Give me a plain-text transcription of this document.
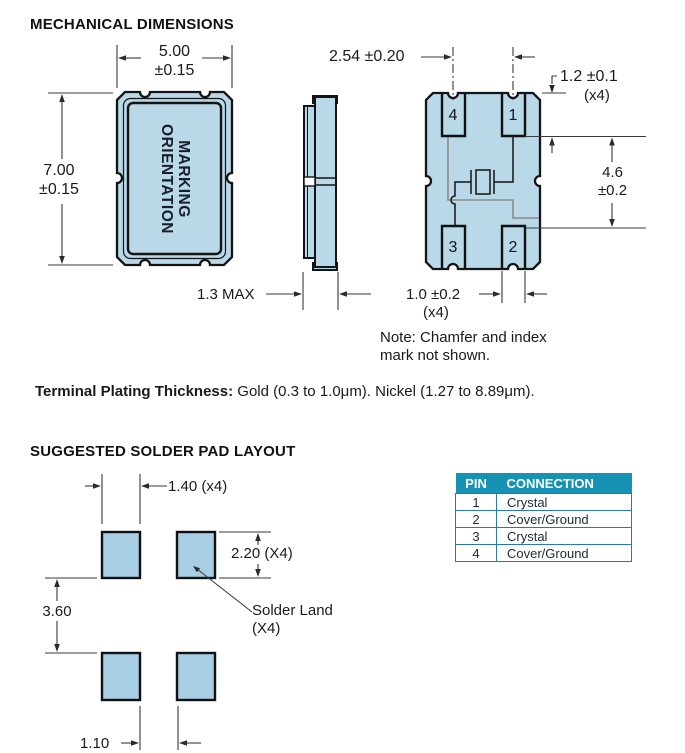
MECHANICAL DIMENSIONS
5.00
±0.15
7.00
±0.15	MARKING
ORIENTATION
1.3 MAX
2.54 ±0.20
1.2 ±0.1
(x4)
4.6
±0.2
1.0 ±0.2
(x4)
Note: Chamfer and index
mark not shown.
4	1
3	2
Terminal Plating Thickness: Gold (0.3 to 1.0μm). Nickel (1.27 to 8.89μm).
SUGGESTED SOLDER PAD LAYOUT
1.40 (x4)
2.20 (X4)
3.60	Solder Land
(X4)
1.10
PIN	CONNECTION
1	Crystal
2	Cover/Ground
3	Crystal
4	Cover/Ground
